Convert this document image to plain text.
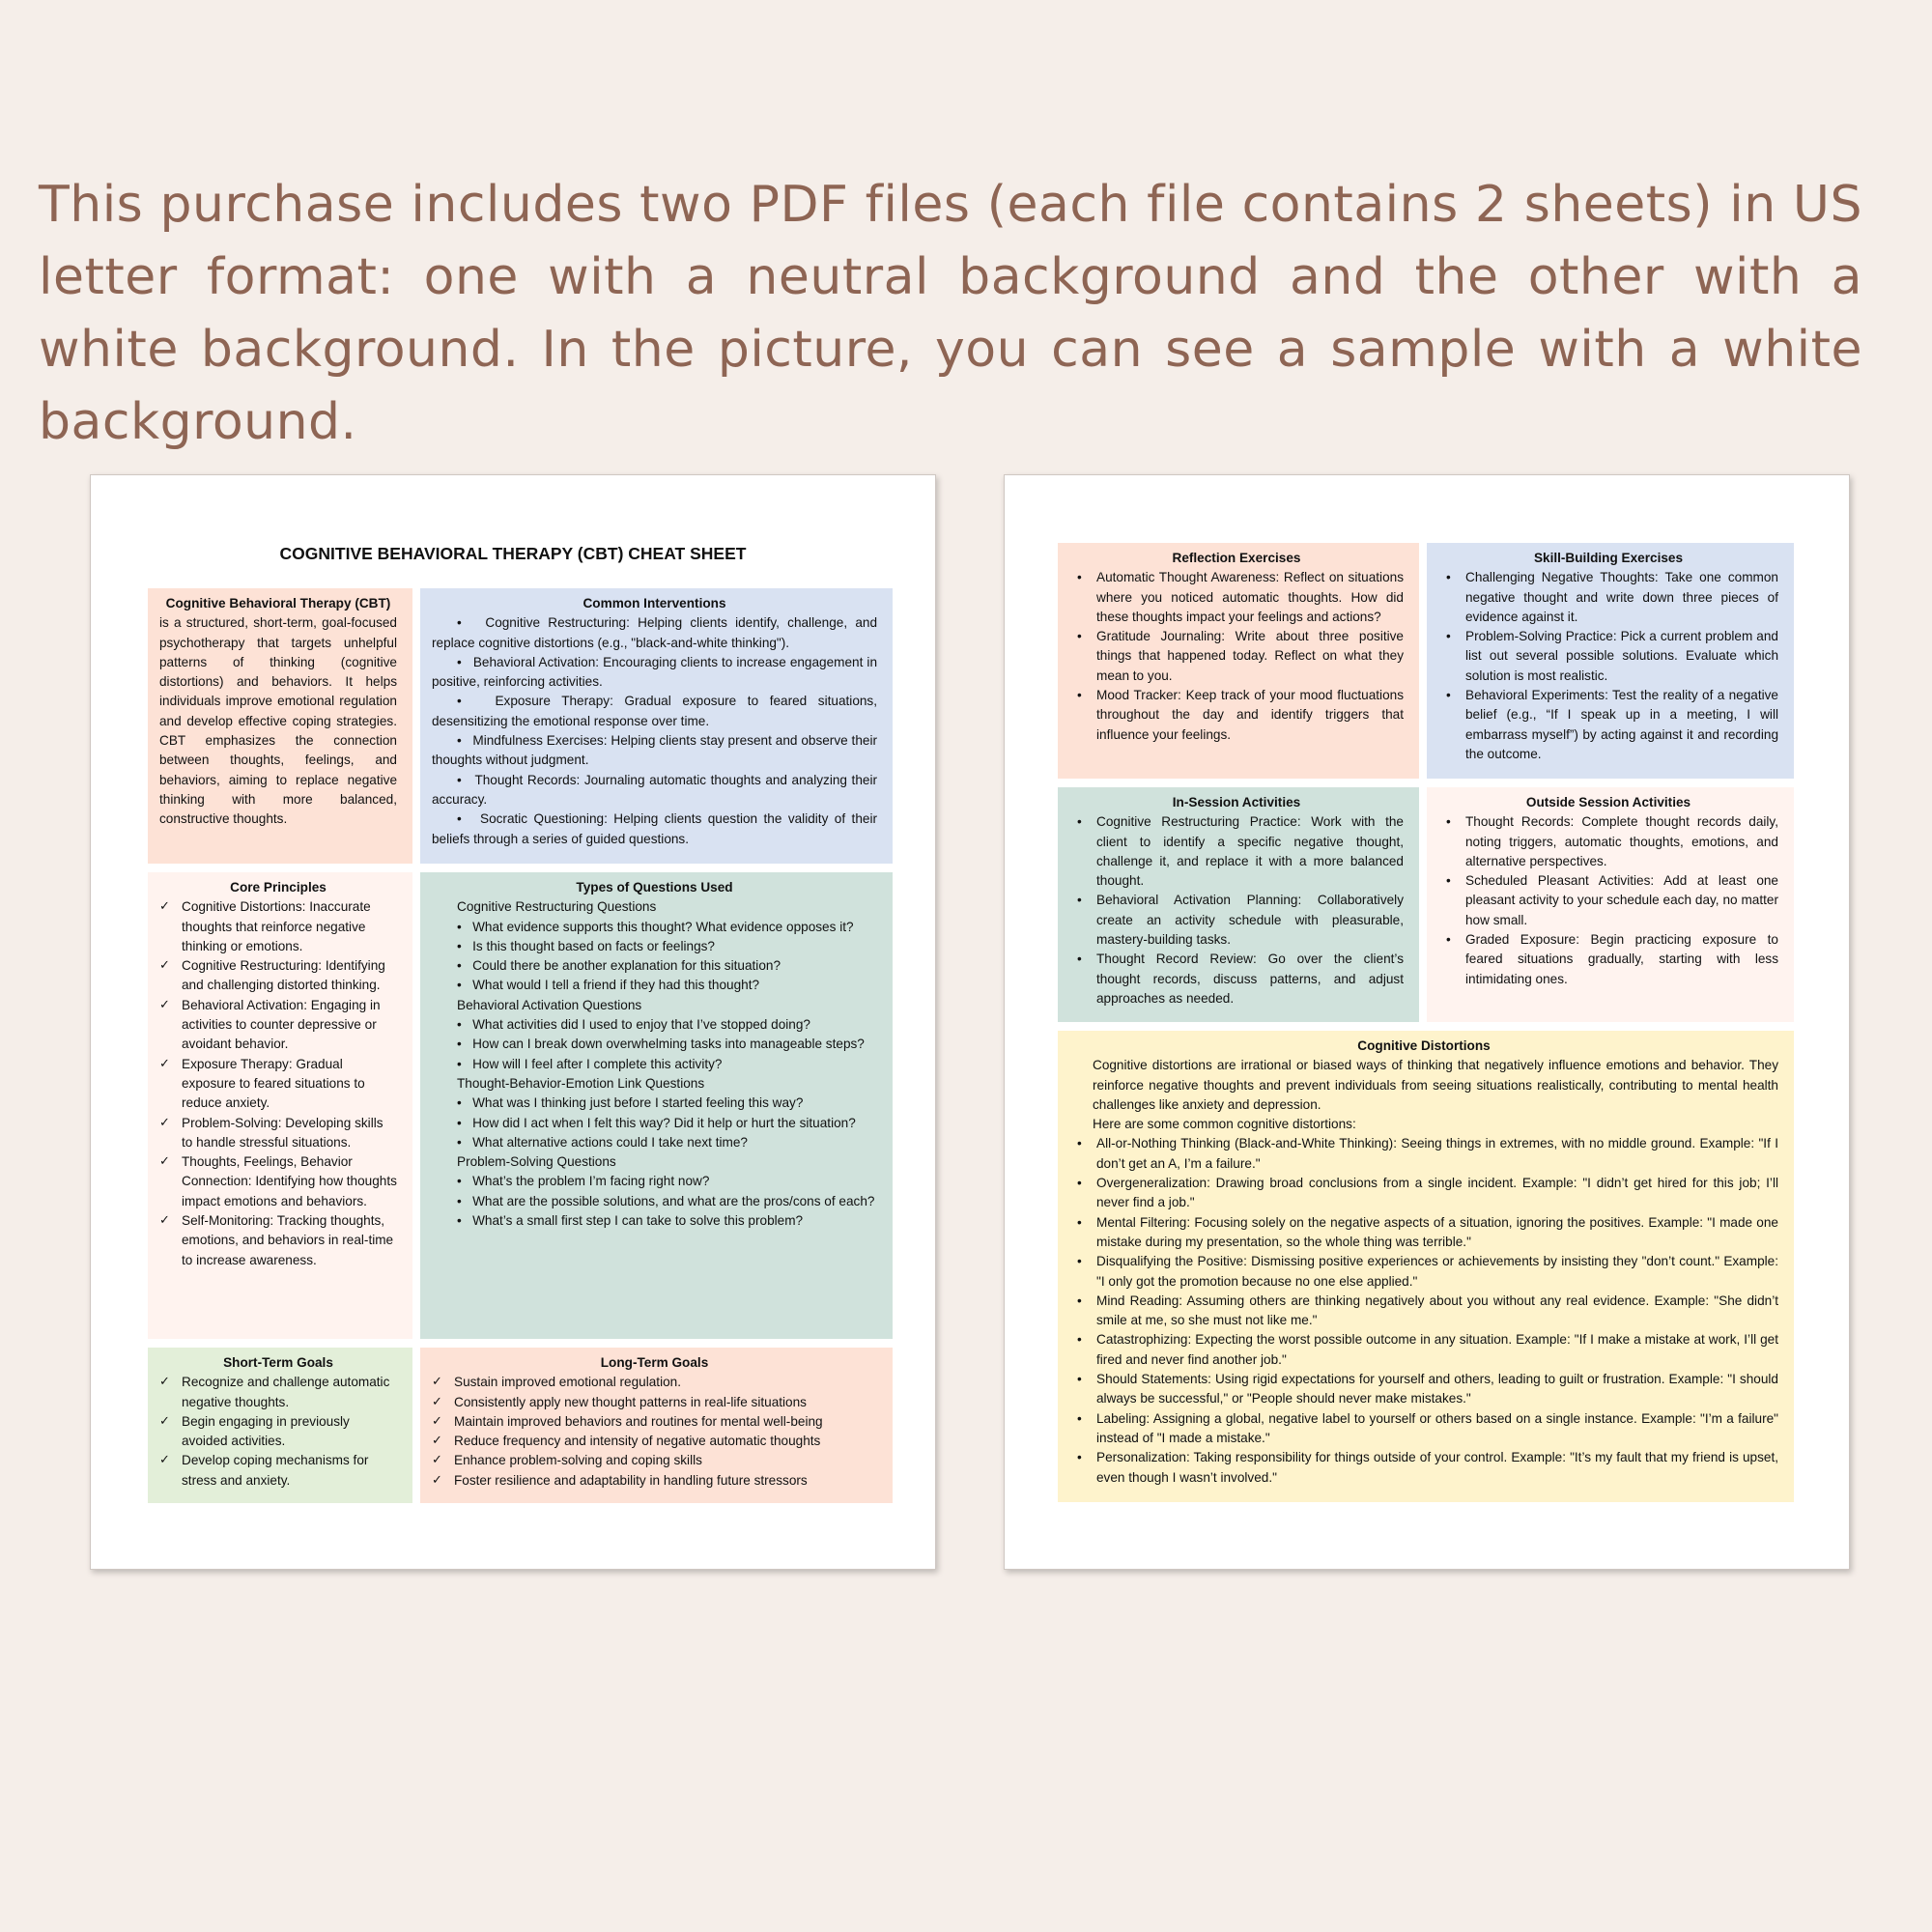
This purchase includes two PDF files (each file contains 2 sheets) in US letter format: one with a neutral background and the other with a white background. In the picture, you can see a sample with a white background.

COGNITIVE BEHAVIORAL THERAPY (CBT) CHEAT SHEET
Cognitive Behavioral Therapy (CBT)

is a structured, short-term, goal-focused psychotherapy that targets unhelpful patterns of thinking (cognitive distortions) and behaviors. It helps individuals improve emotional regulation and develop effective coping strategies. CBT emphasizes the connection between thoughts, feelings, and behaviors, aiming to replace negative thinking with more balanced, constructive thoughts.

Common Interventions

•   Cognitive Restructuring: Helping clients identify, challenge, and replace cognitive distortions (e.g., "black-and-white thinking").

•   Behavioral Activation: Encouraging clients to increase engagement in positive, reinforcing activities.

•   Exposure Therapy: Gradual exposure to feared situations, desensitizing the emotional response over time.

•   Mindfulness Exercises: Helping clients stay present and observe their thoughts without judgment.

•   Thought Records: Journaling automatic thoughts and analyzing their accuracy.

•   Socratic Questioning: Helping clients question the validity of their beliefs through a series of guided questions.

Core Principles
✓ Cognitive Distortions: Inaccurate thoughts that reinforce negative thinking or emotions.
✓ Cognitive Restructuring: Identifying and challenging distorted thinking.
✓ Behavioral Activation: Engaging in activities to counter depressive or avoidant behavior.
✓ Exposure Therapy: Gradual exposure to feared situations to reduce anxiety.
✓ Problem-Solving: Developing skills to handle stressful situations.
✓ Thoughts, Feelings, Behavior Connection: Identifying how thoughts impact emotions and behaviors.
✓ Self-Monitoring: Tracking thoughts, emotions, and behaviors in real-time to increase awareness.
Types of Questions Used
Cognitive Restructuring Questions
•   What evidence supports this thought? What evidence opposes it?
•   Is this thought based on facts or feelings?
•   Could there be another explanation for this situation?
•   What would I tell a friend if they had this thought?
Behavioral Activation Questions
•   What activities did I used to enjoy that I’ve stopped doing?
•   How can I break down overwhelming tasks into manageable steps?
•   How will I feel after I complete this activity?
Thought-Behavior-Emotion Link Questions
•   What was I thinking just before I started feeling this way?
•   How did I act when I felt this way? Did it help or hurt the situation?
•   What alternative actions could I take next time?
Problem-Solving Questions
•   What’s the problem I’m facing right now?
•   What are the possible solutions, and what are the pros/cons of each?
•   What’s a small first step I can take to solve this problem?
Short-Term Goals
✓ Recognize and challenge automatic negative thoughts.
✓ Begin engaging in previously avoided activities.
✓ Develop coping mechanisms for stress and anxiety.
Long-Term Goals
✓ Sustain improved emotional regulation.
✓ Consistently apply new thought patterns in real-life situations
✓ Maintain improved behaviors and routines for mental well-being
✓ Reduce frequency and intensity of negative automatic thoughts
✓ Enhance problem-solving and coping skills
✓ Foster resilience and adaptability in handling future stressors
Reflection Exercises
• Automatic Thought Awareness: Reflect on situations where you noticed automatic thoughts. How did these thoughts impact your feelings and actions?
• Gratitude Journaling: Write about three positive things that happened today. Reflect on what they mean to you.
• Mood Tracker: Keep track of your mood fluctuations throughout the day and identify triggers that influence your feelings.
Skill-Building Exercises
• Challenging Negative Thoughts: Take one common negative thought and write down three pieces of evidence against it.
• Problem-Solving Practice: Pick a current problem and list out several possible solutions. Evaluate which solution is most realistic.
• Behavioral Experiments: Test the reality of a negative belief (e.g., “If I speak up in a meeting, I will embarrass myself”) by acting against it and recording the outcome.
In-Session Activities
• Cognitive Restructuring Practice: Work with the client to identify a specific negative thought, challenge it, and replace it with a more balanced thought.
• Behavioral Activation Planning: Collaboratively create an activity schedule with pleasurable, mastery-building tasks.
• Thought Record Review: Go over the client’s thought records, discuss patterns, and adjust approaches as needed.
Outside Session Activities
• Thought Records: Complete thought records daily, noting triggers, automatic thoughts, emotions, and alternative perspectives.
• Scheduled Pleasant Activities: Add at least one pleasant activity to your schedule each day, no matter how small.
• Graded Exposure: Begin practicing exposure to feared situations gradually, starting with less intimidating ones.
Cognitive Distortions

Cognitive distortions are irrational or biased ways of thinking that negatively influence emotions and behavior. They reinforce negative thoughts and prevent individuals from seeing situations realistically, contributing to mental health challenges like anxiety and depression.

Here are some common cognitive distortions:

• All-or-Nothing Thinking (Black-and-White Thinking): Seeing things in extremes, with no middle ground. Example: "If I don’t get an A, I’m a failure."
• Overgeneralization: Drawing broad conclusions from a single incident. Example: "I didn’t get hired for this job; I’ll never find a job."
• Mental Filtering: Focusing solely on the negative aspects of a situation, ignoring the positives. Example: "I made one mistake during my presentation, so the whole thing was terrible."
• Disqualifying the Positive: Dismissing positive experiences or achievements by insisting they "don’t count." Example: "I only got the promotion because no one else applied."
• Mind Reading: Assuming others are thinking negatively about you without any real evidence. Example: "She didn’t smile at me, so she must not like me."
• Catastrophizing: Expecting the worst possible outcome in any situation. Example: "If I make a mistake at work, I’ll get fired and never find another job."
• Should Statements: Using rigid expectations for yourself and others, leading to guilt or frustration. Example: "I should always be successful," or "People should never make mistakes."
• Labeling: Assigning a global, negative label to yourself or others based on a single instance. Example: "I’m a failure" instead of "I made a mistake."
• Personalization: Taking responsibility for things outside of your control. Example: "It’s my fault that my friend is upset, even though I wasn’t involved."
